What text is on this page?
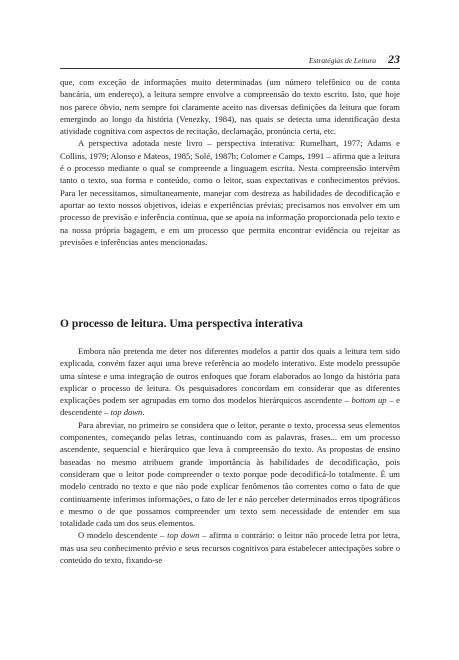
Estratégias de Leitura 23

que, com exceção de informações muito determinadas (um número telefônico ou de conta bancária, um endereço), a leitura sempre envolve a compreensão do texto escrito. Isto, que hoje nos parece óbvio, nem sempre foi claramente aceito nas diversas definições da leitura que foram emergindo ao longo da história (Venezky, 1984), nas quais se detecta uma identificação desta atividade cognitiva com aspectos de recitação, declamação, pronúncia certa, etc.

A perspectiva adotada neste livro – perspectiva interativa: Rumelhart, 1977; Adams e Collins, 1979; Alonso e Mateos, 1985; Solé, 1987b; Colomer e Camps, 1991 – afirma que a leitura é o processo mediante o qual se compreende a linguagem escrita. Nesta compreensão intervêm tanto o texto, sua forma e conteúdo, como o leitor, suas expectativas e conhecimentos prévios. Para ler necessitamos, simultaneamente, manejar com destreza as habilidades de decodificação e aportar ao texto nossos objetivos, ideias e experiências prévias; precisamos nos envolver em um processo de previsão e inferência contínua, que se apoia na informação proporcionada pelo texto e na nossa própria bagagem, e em um processo que permita encontrar evidência ou rejeitar as previsões e inferências antes mencionadas.

O processo de leitura. Uma perspectiva interativa

Embora não pretenda me deter nos diferentes modelos a partir dos quais a leitura tem sido explicada, convém fazer aqui uma breve referência ao modelo interativo. Este modelo pressupõe uma síntese e uma integração de outros enfoques que foram elaborados ao longo da história para explicar o processo de leitura. Os pesquisadores concordam em considerar que as diferentes explicações podem ser agrupadas em torno dos modelos hierárquicos ascendente – bottom up – e descendente – top down.

Para abreviar, no primeiro se considera que o leitor, perante o texto, processa seus elementos componentes, começando pelas letras, continuando com as palavras, frases... em um processo ascendente, sequencial e hierárquico que leva à compreensão do texto. As propostas de ensino baseadas no mesmo atribuem grande importância às habilidades de decodificação, pois consideram que o leitor pode compreender o texto porque pode decodificá-lo totalmente. É um modelo centrado no texto e que não pode explicar fenômenos tão correntes como o fato de que continuamente inferimos informações, o fato de ler e não perceber determinados erros tipográficos e mesmo o de que possamos compreender um texto sem necessidade de entender em sua totalidade cada um dos seus elementos.

O modelo descendente – top down – afirma o contrário: o leitor não procede letra por letra, mas usa seu conhecimento prévio e seus recursos cognitivos para estabelecer antecipações sobre o conteúdo do texto, fixando-se
